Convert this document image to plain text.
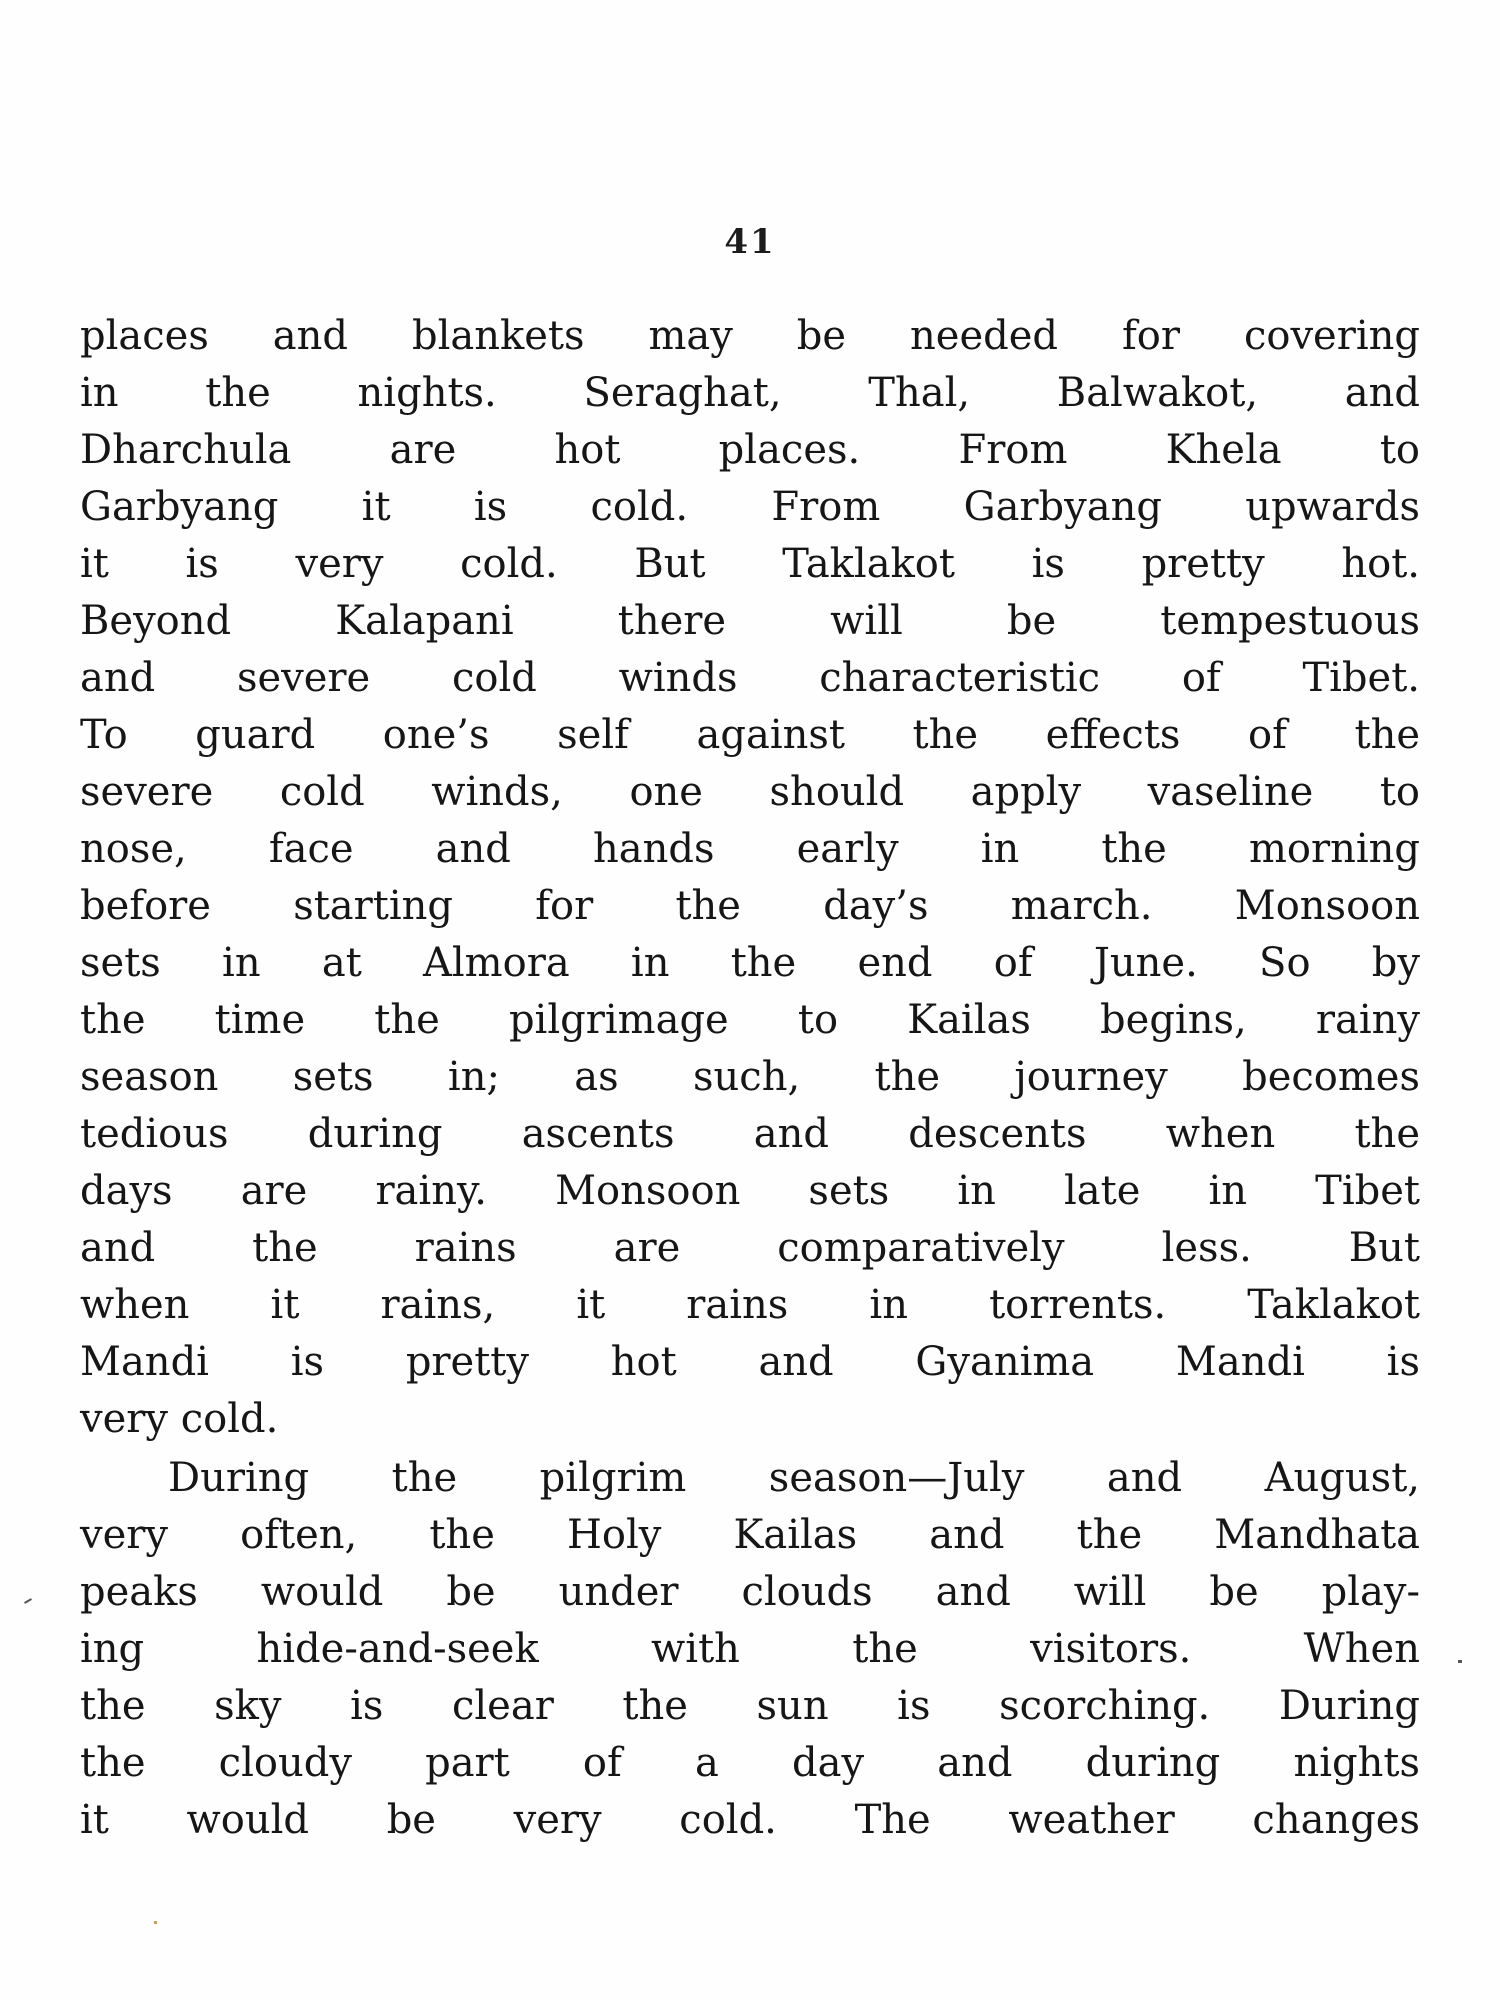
41
places and blankets may be needed for covering
in the nights. Seraghat, Thal, Balwakot, and
Dharchula are hot places. From Khela to
Garbyang it is cold. From Garbyang upwards
it is very cold. But Taklakot is pretty hot.
Beyond Kalapani there will be tempestuous
and severe cold winds characteristic of Tibet.
To guard one’s self against the effects of the
severe cold winds, one should apply vaseline to
nose, face and hands early in the morning
before starting for the day’s march. Monsoon
sets in at Almora in the end of June. So by
the time the pilgrimage to Kailas begins, rainy
season sets in; as such, the journey becomes
tedious during ascents and descents when the
days are rainy. Monsoon sets in late in Tibet
and the rains are comparatively less. But
when it rains, it rains in torrents. Taklakot
Mandi is pretty hot and Gyanima Mandi is
very cold.
During the pilgrim season—July and August,
very often, the Holy Kailas and the Mandhata
peaks would be under clouds and will be play-
ing hide-and-seek with the visitors. When
the sky is clear the sun is scorching. During
the cloudy part of a day and during nights
it would be very cold. The weather changes
